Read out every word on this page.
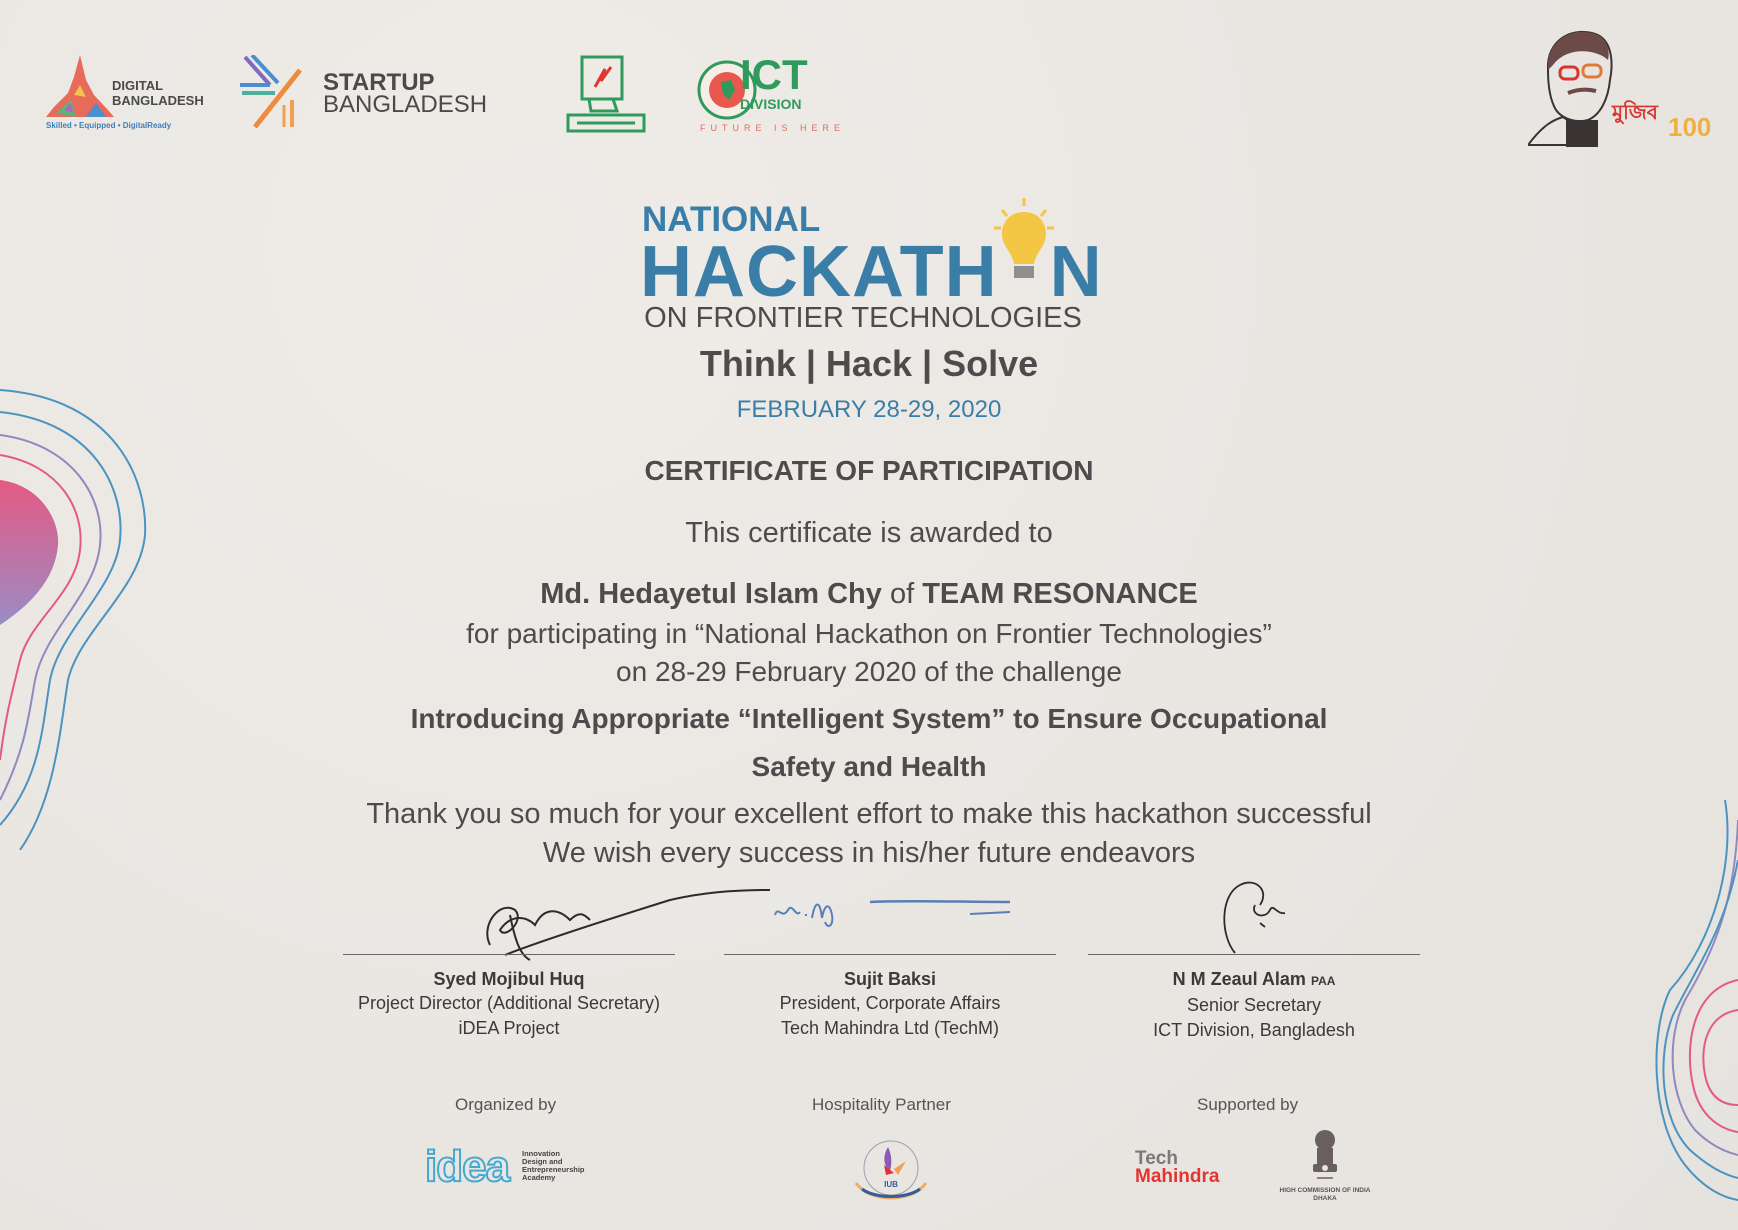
DIGITAL
BANGLADESH
Skilled • Equipped • DigitalReady
STARTUP
BANGLADESH
ICT
DIVISION
FUTURE IS HERE
মুজিব 100
NATIONAL
HACKATH N
ON FRONTIER TECHNOLOGIES
Think | Hack | Solve
FEBRUARY 28-29, 2020
CERTIFICATE OF PARTICIPATION
This certificate is awarded to
Md. Hedayetul Islam Chy of TEAM RESONANCE
for participating in “National Hackathon on Frontier Technologies”
on 28-29 February 2020 of the challenge
Introducing Appropriate “Intelligent System” to Ensure Occupational
Safety and Health
Thank you so much for your excellent effort to make this hackathon successful
We wish every success in his/her future endeavors
Syed Mojibul Huq
Project Director (Additional Secretary)
iDEA Project
Sujit Baksi
President, Corporate Affairs
Tech Mahindra Ltd (TechM)
N M Zeaul Alam PAA
Senior Secretary
ICT Division, Bangladesh
Organized by	Hospitality Partner	Supported by
idea Innovation
Design and
Entrepreneurship
Academy
IUB
Tech
Mahindra
HIGH COMMISSION OF INDIA
DHAKA
